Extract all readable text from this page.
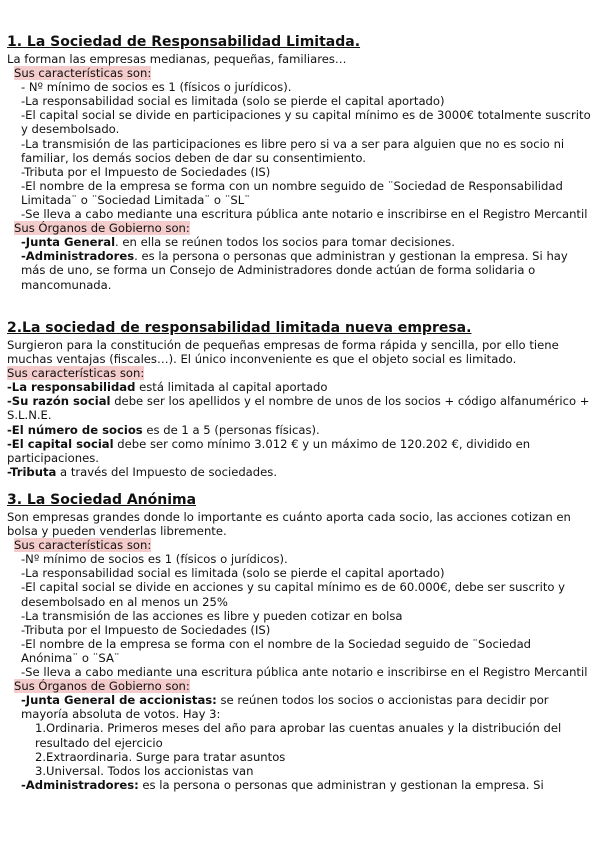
1. La Sociedad de Responsabilidad Limitada.
La forman las empresas medianas, pequeñas, familiares…
Sus características son:
- Nº mínimo de socios es 1 (físicos o jurídicos).
-La responsabilidad social es limitada (solo se pierde el capital aportado)
-El capital social se divide en participaciones y su capital mínimo es de 3000€ totalmente suscrito y desembolsado.
-La transmisión de las participaciones es libre pero si va a ser para alguien que no es socio ni familiar, los demás socios deben de dar su consentimiento.
-Tributa por el Impuesto de Sociedades (IS)
-El nombre de la empresa se forma con un nombre seguido de ¨Sociedad de Responsabilidad Limitada¨ o ¨Sociedad Limitada¨ o ¨SL¨
-Se lleva a cabo mediante una escritura pública ante notario e inscribirse en el Registro Mercantil
Sus Órganos de Gobierno son:
-Junta General. en ella se reúnen todos los socios para tomar decisiones.
-Administradores. es la persona o personas que administran y gestionan la empresa. Si hay más de uno, se forma un Consejo de Administradores donde actúan de forma solidaria o mancomunada.
2.La sociedad de responsabilidad limitada nueva empresa.
Surgieron para la constitución de pequeñas empresas de forma rápida y sencilla, por ello tiene muchas ventajas (fiscales…). El único inconveniente es que el objeto social es limitado.
Sus características son:
-La responsabilidad está limitada al capital aportado
-Su razón social debe ser los apellidos y el nombre de unos de los socios + código alfanumérico + S.L.N.E.
-El número de socios es de 1 a 5 (personas físicas).
-El capital social debe ser como mínimo 3.012 € y un máximo de 120.202 €, dividido en participaciones.
-Tributa a través del Impuesto de sociedades.
3. La Sociedad Anónima
Son empresas grandes donde lo importante es cuánto aporta cada socio, las acciones cotizan en bolsa y pueden venderlas libremente.
Sus características son:
-Nº mínimo de socios es 1 (físicos o jurídicos).
-La responsabilidad social es limitada (solo se pierde el capital aportado)
-El capital social se divide en acciones y su capital mínimo es de 60.000€, debe ser suscrito y desembolsado en al menos un 25%
-La transmisión de las acciones es libre y pueden cotizar en bolsa
-Tributa por el Impuesto de Sociedades (IS)
-El nombre de la empresa se forma con el nombre de la Sociedad seguido de ¨Sociedad Anónima¨ o ¨SA¨
-Se lleva a cabo mediante una escritura pública ante notario e inscribirse en el Registro Mercantil
Sus Órganos de Gobierno son:
-Junta General de accionistas: se reúnen todos los socios o accionistas para decidir por mayoría absoluta de votos. Hay 3:
1.Ordinaria. Primeros meses del año para aprobar las cuentas anuales y la distribución del resultado del ejercicio
2.Extraordinaria. Surge para tratar asuntos
3.Universal. Todos los accionistas van
-Administradores: es la persona o personas que administran y gestionan la empresa. Si
